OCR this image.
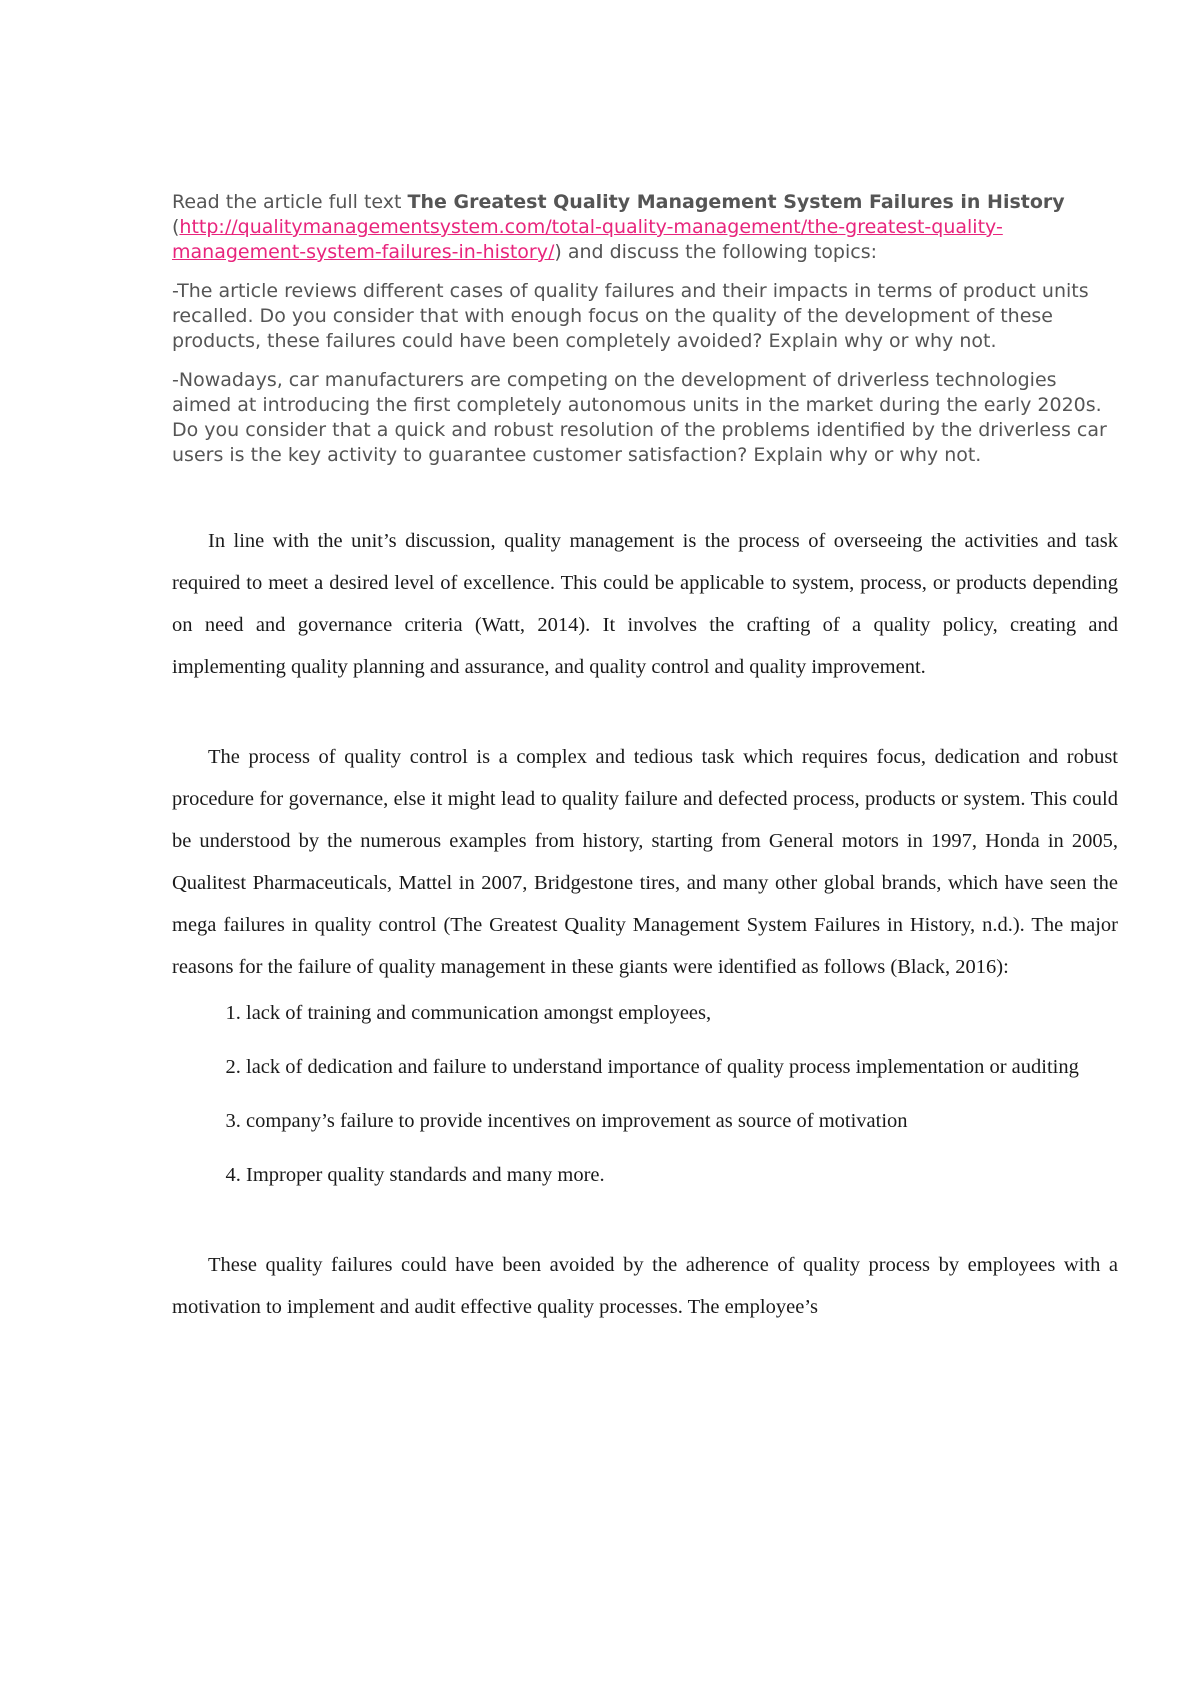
Read the article full text The Greatest Quality Management System Failures in History (http://qualitymanagementsystem.com/total-quality-management/the-greatest-quality-management-system-failures-in-history/) and discuss the following topics:

-The article reviews different cases of quality failures and their impacts in terms of product units recalled. Do you consider that with enough focus on the quality of the development of these products, these failures could have been completely avoided? Explain why or why not.

-Nowadays, car manufacturers are competing on the development of driverless technologies aimed at introducing the first completely autonomous units in the market during the early 2020s. Do you consider that a quick and robust resolution of the problems identified by the driverless car users is the key activity to guarantee customer satisfaction? Explain why or why not.

In line with the unit’s discussion, quality management is the process of overseeing the activities and task required to meet a desired level of excellence. This could be applicable to system, process, or products depending on need and governance criteria (Watt, 2014). It involves the crafting of a quality policy, creating and implementing quality planning and assurance, and quality control and quality improvement.

The process of quality control is a complex and tedious task which requires focus, dedication and robust procedure for governance, else it might lead to quality failure and defected process, products or system. This could be understood by the numerous examples from history, starting from General motors in 1997, Honda in 2005, Qualitest Pharmaceuticals, Mattel in 2007, Bridgestone tires, and many other global brands, which have seen the mega failures in quality control (The Greatest Quality Management System Failures in History, n.d.). The major reasons for the failure of quality management in these giants were identified as follows (Black, 2016):

1. lack of training and communication amongst employees,
2. lack of dedication and failure to understand importance of quality process implementation or auditing
3. company’s failure to provide incentives on improvement as source of motivation
4. Improper quality standards and many more.

These quality failures could have been avoided by the adherence of quality process by employees with a motivation to implement and audit effective quality processes. The employee’s
